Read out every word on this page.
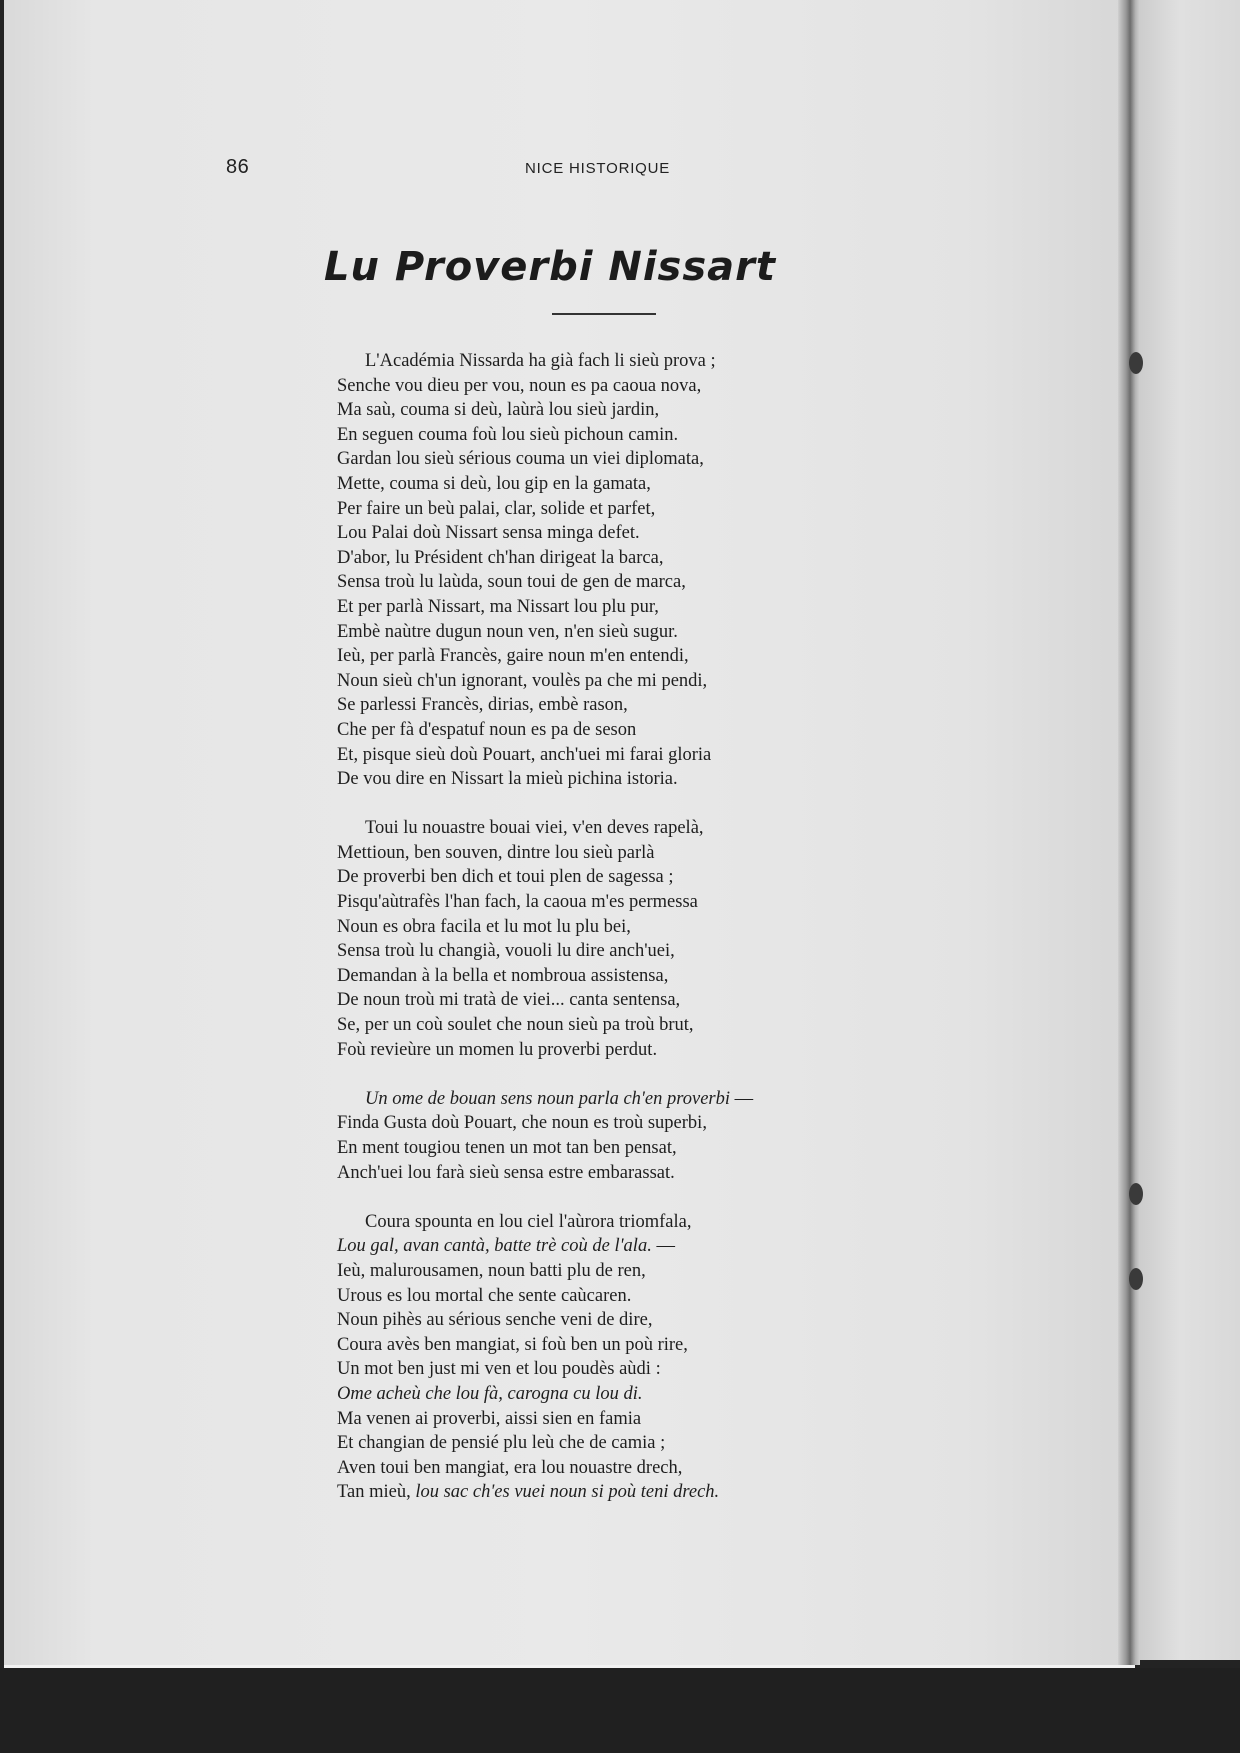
86	NICE HISTORIQUE
Lu Proverbi Nissart
L'Académia Nissarda ha già fach li sieù prova ;
Senche vou dieu per vou, noun es pa caoua nova,
Ma saù, couma si deù, laùrà lou sieù jardin,
En seguen couma foù lou sieù pichoun camin.
Gardan lou sieù sérious couma un viei diplomata,
Mette, couma si deù, lou gip en la gamata,
Per faire un beù palai, clar, solide et parfet,
Lou Palai doù Nissart sensa minga defet.
D'abor, lu Président ch'han dirigeat la barca,
Sensa troù lu laùda, soun toui de gen de marca,
Et per parlà Nissart, ma Nissart lou plu pur,
Embè naùtre dugun noun ven, n'en sieù sugur.
Ieù, per parlà Francès, gaire noun m'en entendi,
Noun sieù ch'un ignorant, voulès pa che mi pendi,
Se parlessi Francès, dirias, embè rason,
Che per fà d'espatuf noun es pa de seson
Et, pisque sieù doù Pouart, anch'uei mi farai gloria
De vou dire en Nissart la mieù pichina istoria.
Toui lu nouastre bouai viei, v'en deves rapelà,
Mettioun, ben souven, dintre lou sieù parlà
De proverbi ben dich et toui plen de sagessa ;
Pisqu'aùtrafès l'han fach, la caoua m'es permessa
Noun es obra facila et lu mot lu plu bei,
Sensa troù lu changià, vouoli lu dire anch'uei,
Demandan à la bella et nombroua assistensa,
De noun troù mi tratà de viei... canta sentensa,
Se, per un coù soulet che noun sieù pa troù brut,
Foù revieùre un momen lu proverbi perdut.
Un ome de bouan sens noun parla ch'en proverbi —
Finda Gusta doù Pouart, che noun es troù superbi,
En ment tougiou tenen un mot tan ben pensat,
Anch'uei lou farà sieù sensa estre embarassat.
Coura spounta en lou ciel l'aùrora triomfala,
Lou gal, avan cantà, batte trè coù de l'ala. —
Ieù, malurousamen, noun batti plu de ren,
Urous es lou mortal che sente caùcaren.
Noun pihès au sérious senche veni de dire,
Coura avès ben mangiat, si foù ben un poù rire,
Un mot ben just mi ven et lou poudès aùdi :
Ome acheù che lou fà, carogna cu lou di.
Ma venen ai proverbi, aissi sien en famia
Et changian de pensié plu leù che de camia ;
Aven toui ben mangiat, era lou nouastre drech,
Tan mieù, lou sac ch'es vuei noun si poù teni drech.
